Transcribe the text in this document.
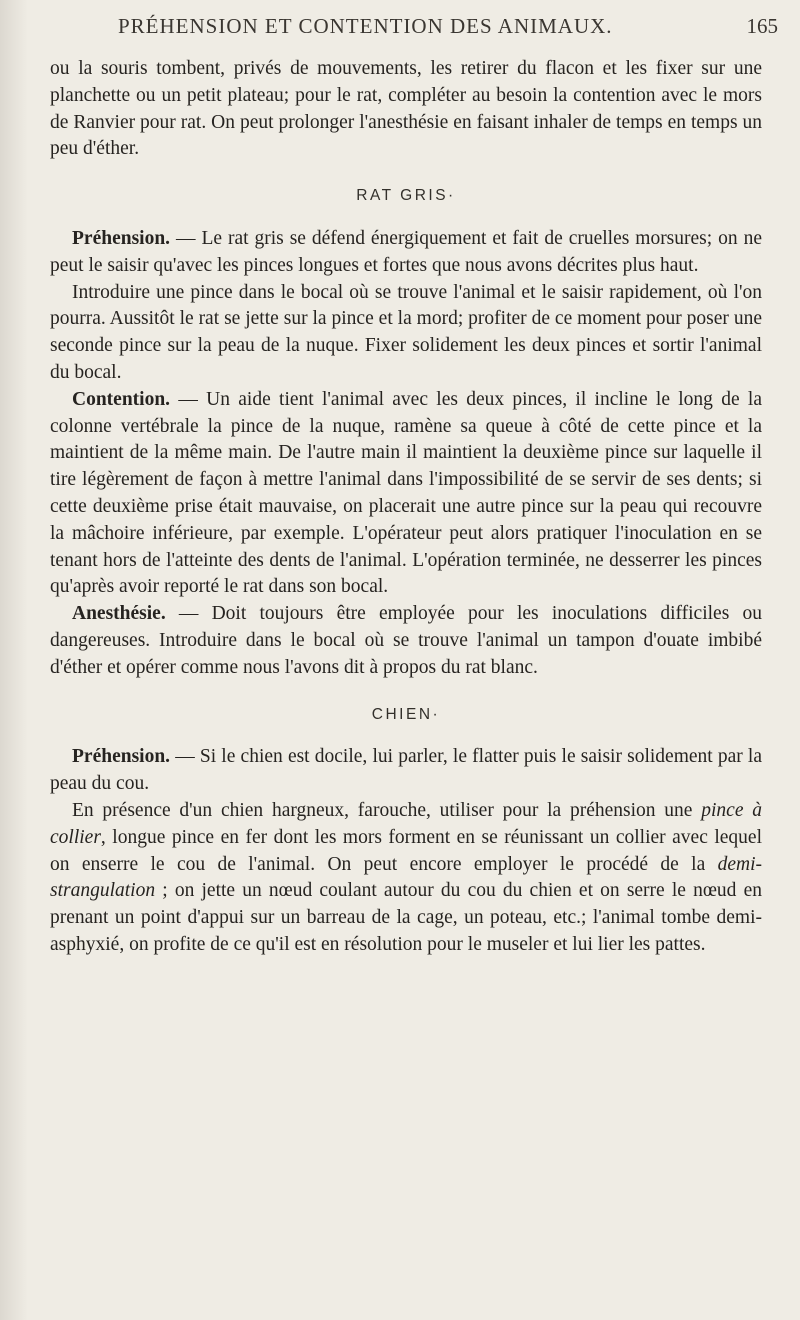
PRÉHENSION ET CONTENTION DES ANIMAUX.	165

ou la souris tombent, privés de mouvements, les retirer du flacon et les fixer sur une planchette ou un petit plateau; pour le rat, compléter au besoin la contention avec le mors de Ranvier pour rat. On peut prolonger l'anesthésie en faisant inhaler de temps en temps un peu d'éther.

RAT GRIS·

Préhension. — Le rat gris se défend énergiquement et fait de cruelles morsures; on ne peut le saisir qu'avec les pinces longues et fortes que nous avons décrites plus haut.

Introduire une pince dans le bocal où se trouve l'animal et le saisir rapidement, où l'on pourra. Aussitôt le rat se jette sur la pince et la mord; profiter de ce moment pour poser une seconde pince sur la peau de la nuque. Fixer solidement les deux pinces et sortir l'animal du bocal.

Contention. — Un aide tient l'animal avec les deux pinces, il incline le long de la colonne vertébrale la pince de la nuque, ramène sa queue à côté de cette pince et la maintient de la même main. De l'autre main il maintient la deuxième pince sur laquelle il tire légèrement de façon à mettre l'animal dans l'impossibilité de se servir de ses dents; si cette deuxième prise était mauvaise, on placerait une autre pince sur la peau qui recouvre la mâchoire inférieure, par exemple. L'opérateur peut alors pratiquer l'inoculation en se tenant hors de l'atteinte des dents de l'animal. L'opération terminée, ne desserrer les pinces qu'après avoir reporté le rat dans son bocal.

Anesthésie. — Doit toujours être employée pour les inoculations difficiles ou dangereuses. Introduire dans le bocal où se trouve l'animal un tampon d'ouate imbibé d'éther et opérer comme nous l'avons dit à propos du rat blanc.

CHIEN·

Préhension. — Si le chien est docile, lui parler, le flatter puis le saisir solidement par la peau du cou.

En présence d'un chien hargneux, farouche, utiliser pour la préhension une pince à collier, longue pince en fer dont les mors forment en se réunissant un collier avec lequel on enserre le cou de l'animal. On peut encore employer le procédé de la demi-strangulation ; on jette un nœud coulant autour du cou du chien et on serre le nœud en prenant un point d'appui sur un barreau de la cage, un poteau, etc.; l'animal tombe demi-asphyxié, on profite de ce qu'il est en résolution pour le museler et lui lier les pattes.
